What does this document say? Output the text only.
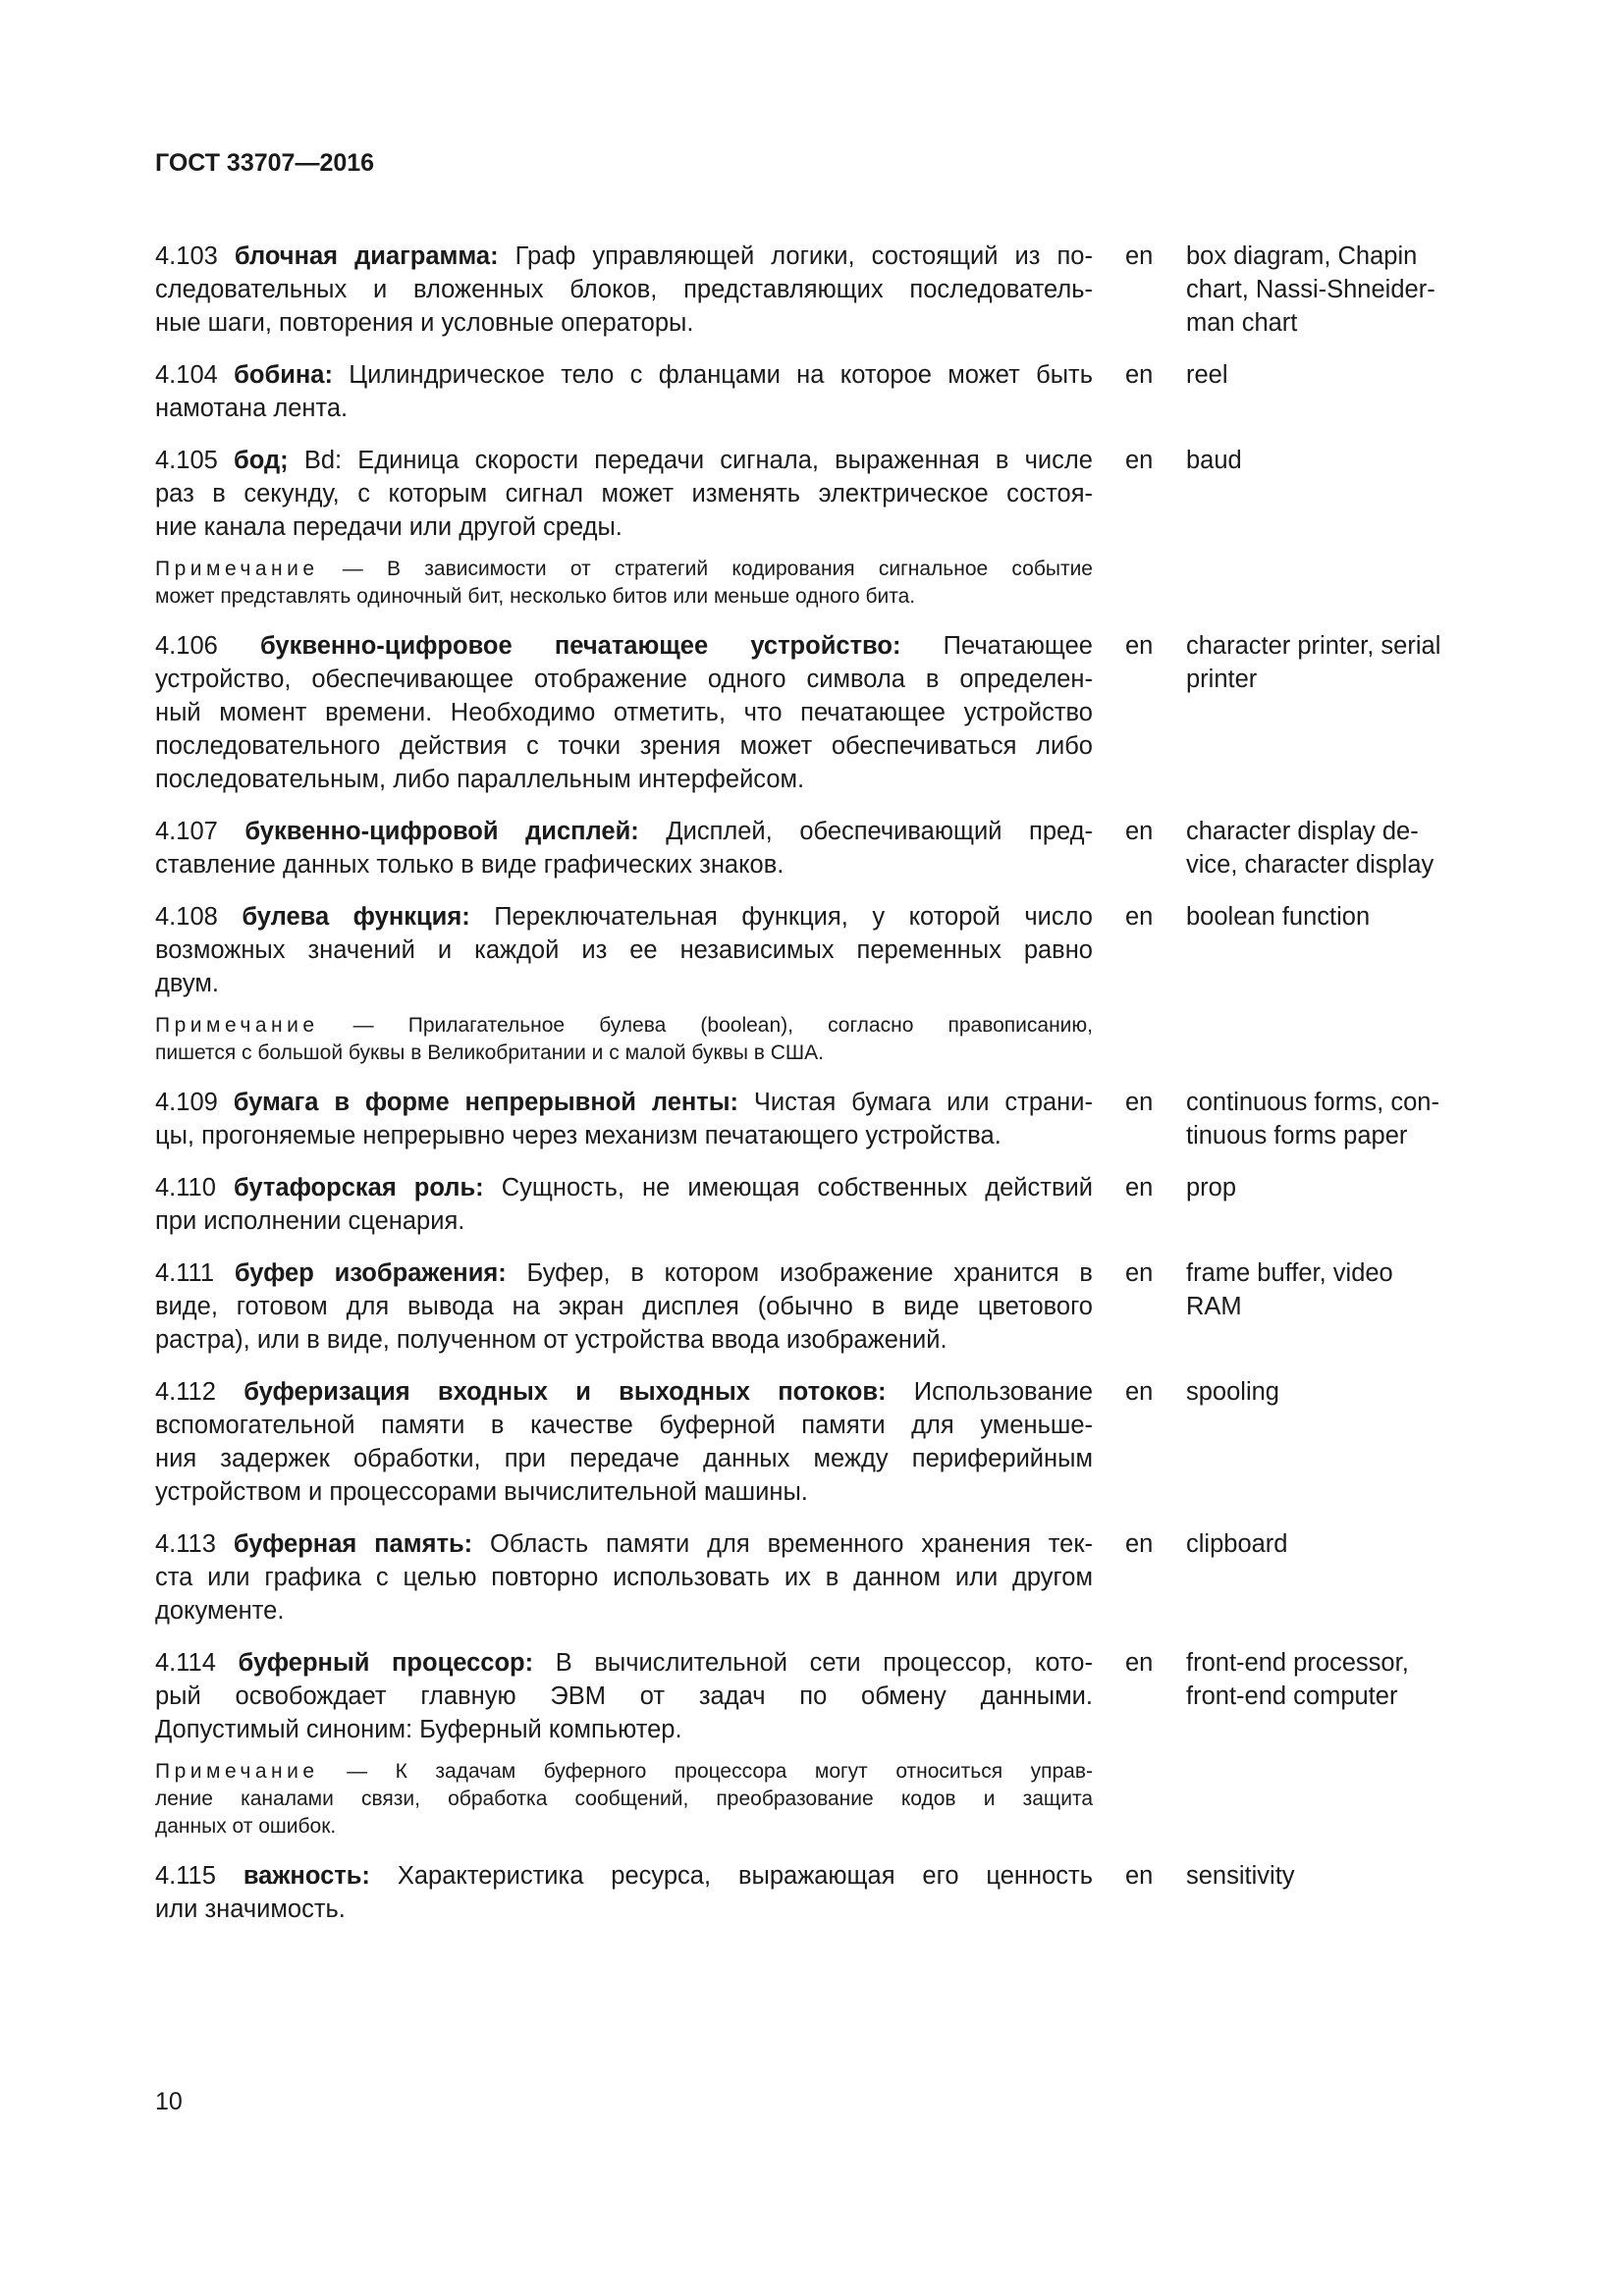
ГОСТ 33707—2016
4.103 блочная диаграмма: Граф управляющей логики, состоящий из по-
следовательных и вложенных блоков, представляющих последователь-
ные шаги, повторения и условные операторы.
en	box diagram, Chapin
chart, Nassi-Shneider-
man chart
4.104 бобина: Цилиндрическое тело с фланцами на которое может быть
намотана лента.
en	reel
4.105 бод; Bd: Единица скорости передачи сигнала, выраженная в числе
раз в секунду, с которым сигнал может изменять электрическое состоя-
ние канала передачи или другой среды.
en	baud
Примечание — В зависимости от стратегий кодирования сигнальное событие
может представлять одиночный бит, несколько битов или меньше одного бита.
4.106 буквенно-цифровое печатающее устройство: Печатающее
устройство, обеспечивающее отображение одного символа в определен-
ный момент времени. Необходимо отметить, что печатающее устройство
последовательного действия с точки зрения может обеспечиваться либо
последовательным, либо параллельным интерфейсом.
en	character printer, serial
printer
4.107 буквенно-цифровой дисплей: Дисплей, обеспечивающий пред-
ставление данных только в виде графических знаков.
en	character display de-
vice, character display
4.108 булева функция: Переключательная функция, у которой число
возможных значений и каждой из ее независимых переменных равно
двум.
en	boolean function
Примечание — Прилагательное булева (boolean), согласно правописанию,
пишется с большой буквы в Великобритании и с малой буквы в США.
4.109 бумага в форме непрерывной ленты: Чистая бумага или страни-
цы, прогоняемые непрерывно через механизм печатающего устройства.
en	continuous forms, con-
tinuous forms paper
4.110 бутафорская роль: Сущность, не имеющая собственных действий
при исполнении сценария.
en	prop
4.111 буфер изображения: Буфер, в котором изображение хранится в
виде, готовом для вывода на экран дисплея (обычно в виде цветового
растра), или в виде, полученном от устройства ввода изображений.
en	frame buffer, video
RAM
4.112 буферизация входных и выходных потоков: Использование
вспомогательной памяти в качестве буферной памяти для уменьше-
ния задержек обработки, при передаче данных между периферийным
устройством и процессорами вычислительной машины.
en	spooling
4.113 буферная память: Область памяти для временного хранения тек-
ста или графика с целью повторно использовать их в данном или другом
документе.
en	clipboard
4.114 буферный процессор: В вычислительной сети процессор, кото-
рый освобождает главную ЭВМ от задач по обмену данными.
Допустимый синоним: Буферный компьютер.
en	front-end processor,
front-end computer
Примечание — К задачам буферного процессора могут относиться управ-
ление каналами связи, обработка сообщений, преобразование кодов и защита
данных от ошибок.
4.115 важность: Характеристика ресурса, выражающая его ценность
или значимость.
en	sensitivity
10
